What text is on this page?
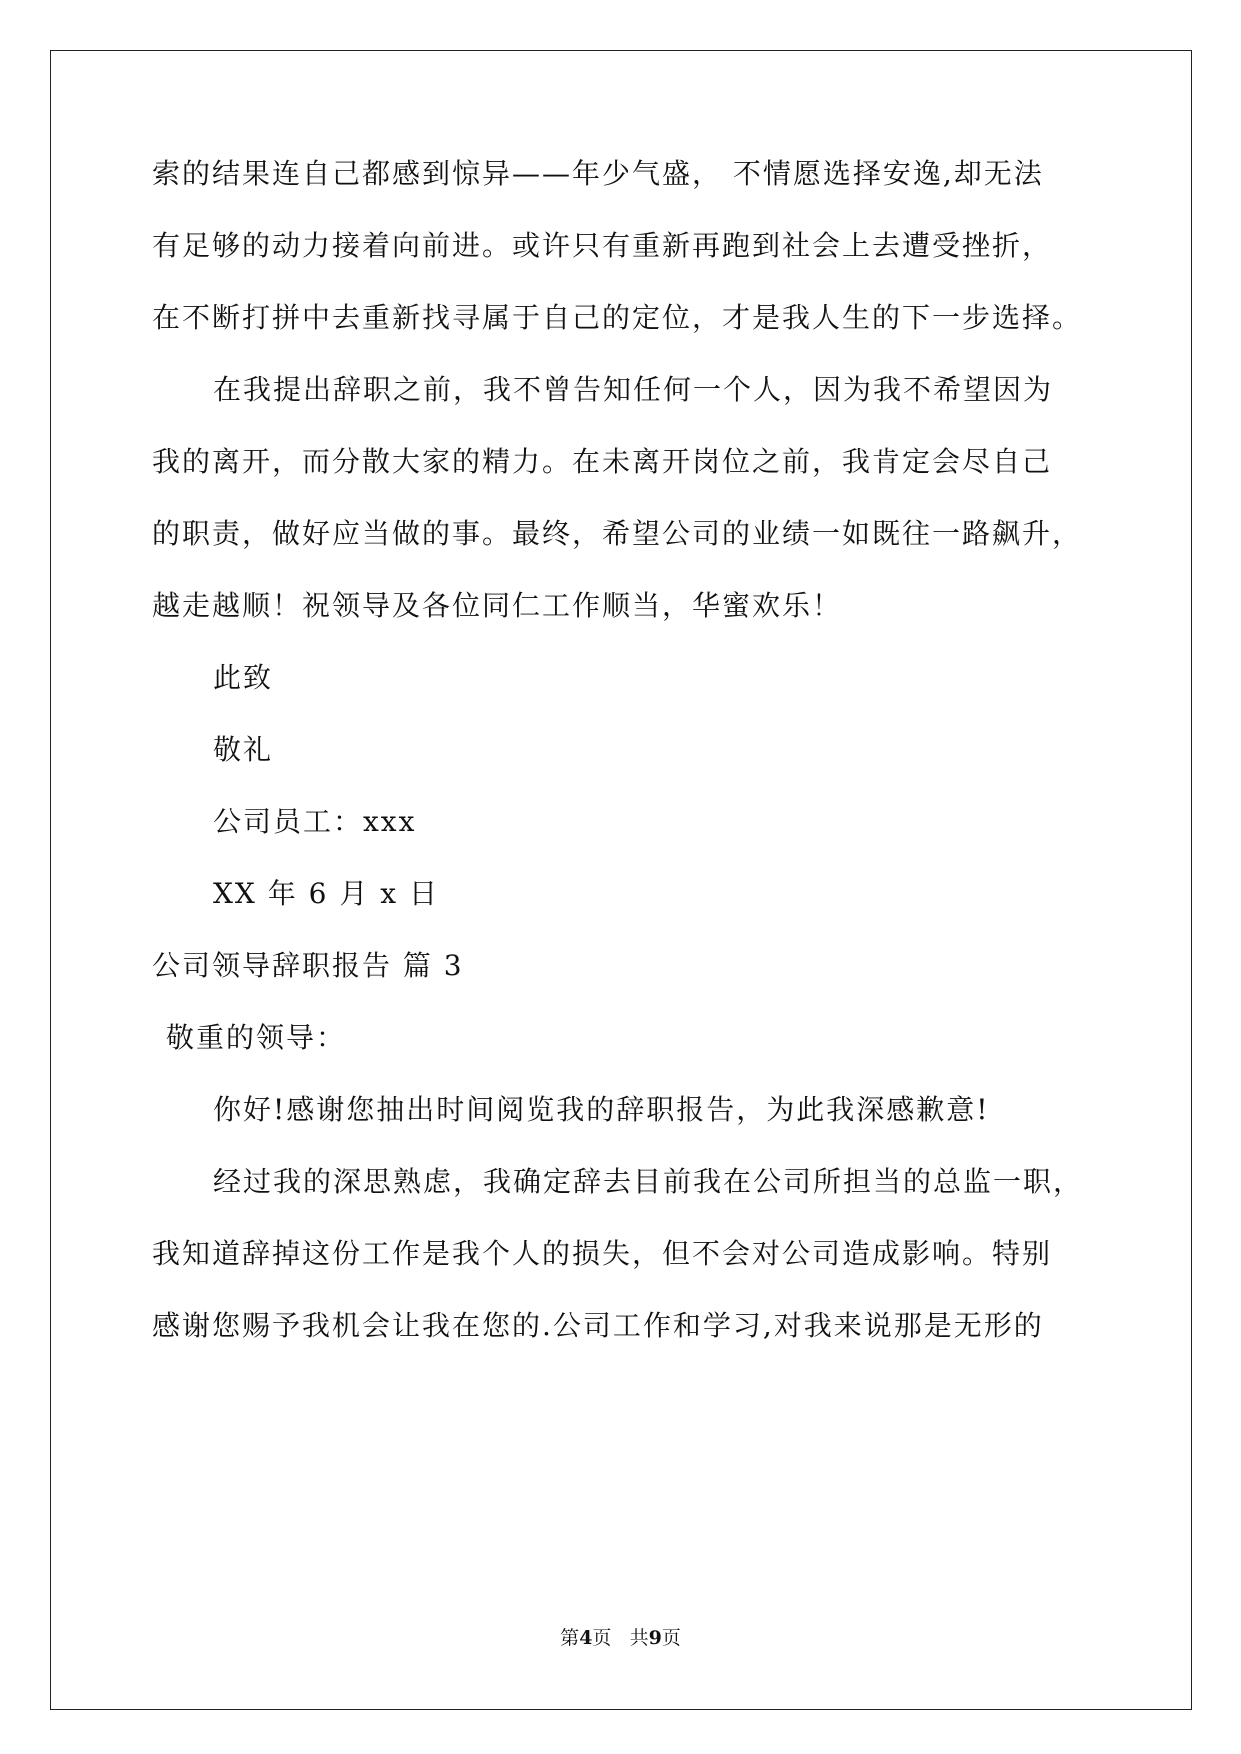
索的结果连自己都感到惊异——年少气盛， 不情愿选择安逸,却无法
有足够的动力接着向前进。或许只有重新再跑到社会上去遭受挫折，
在不断打拼中去重新找寻属于自己的定位，才是我人生的下一步选择。
在我提出辞职之前，我不曾告知任何一个人，因为我不希望因为
我的离开，而分散大家的精力。在未离开岗位之前，我肯定会尽自己
的职责，做好应当做的事。最终，希望公司的业绩一如既往一路飙升，
越走越顺！祝领导及各位同仁工作顺当，华蜜欢乐！
此致
敬礼
公司员工：xxx
XX 年 6 月 x 日
公司领导辞职报告 篇 3
敬重的领导：
你好!感谢您抽出时间阅览我的辞职报告，为此我深感歉意!
经过我的深思熟虑，我确定辞去目前我在公司所担当的总监一职，
我知道辞掉这份工作是我个人的损失，但不会对公司造成影响。特别
感谢您赐予我机会让我在您的.公司工作和学习,对我来说那是无形的
第4页 共9页
